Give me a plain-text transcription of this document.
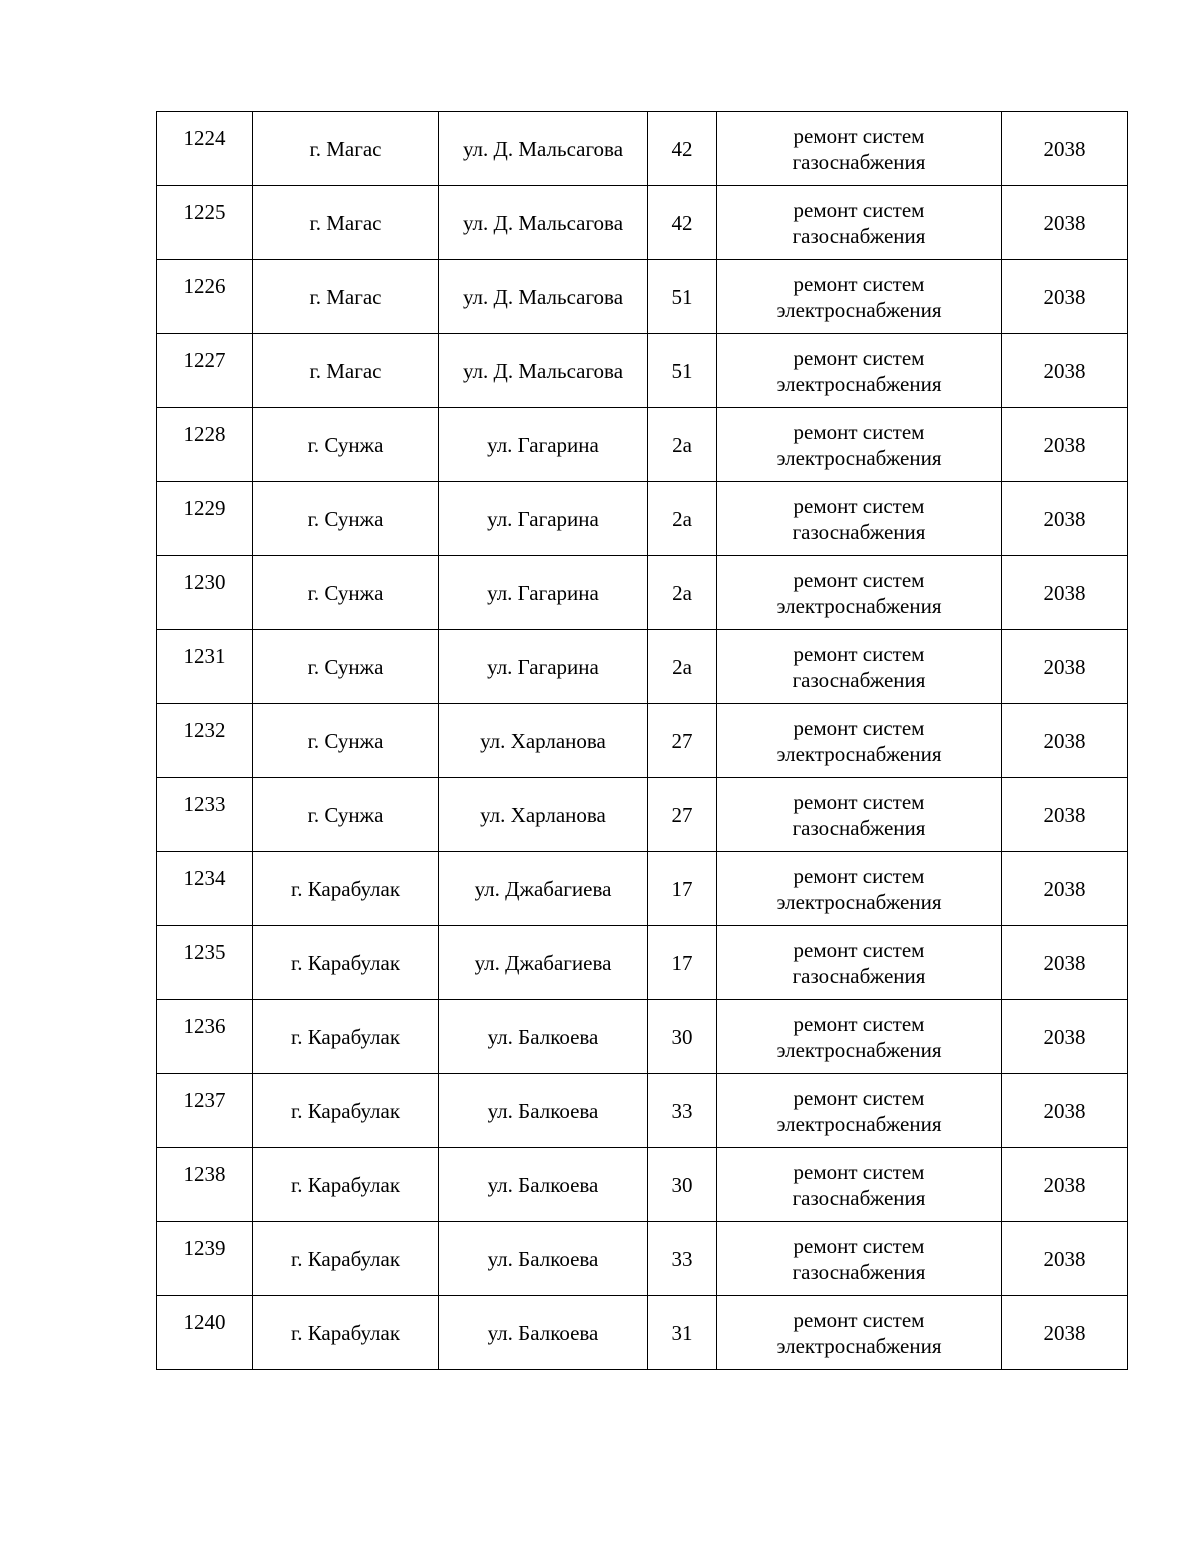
1224	г. Магас	ул. Д. Мальсагова	42	ремонт систем
газоснабжения	2038
1225	г. Магас	ул. Д. Мальсагова	42	ремонт систем
газоснабжения	2038
1226	г. Магас	ул. Д. Мальсагова	51	ремонт систем
электроснабжения	2038
1227	г. Магас	ул. Д. Мальсагова	51	ремонт систем
электроснабжения	2038
1228	г. Сунжа	ул. Гагарина	2а	ремонт систем
электроснабжения	2038
1229	г. Сунжа	ул. Гагарина	2а	ремонт систем
газоснабжения	2038
1230	г. Сунжа	ул. Гагарина	2а	ремонт систем
электроснабжения	2038
1231	г. Сунжа	ул. Гагарина	2а	ремонт систем
газоснабжения	2038
1232	г. Сунжа	ул. Харланова	27	ремонт систем
электроснабжения	2038
1233	г. Сунжа	ул. Харланова	27	ремонт систем
газоснабжения	2038
1234	г. Карабулак	ул. Джабагиева	17	ремонт систем
электроснабжения	2038
1235	г. Карабулак	ул. Джабагиева	17	ремонт систем
газоснабжения	2038
1236	г. Карабулак	ул. Балкоева	30	ремонт систем
электроснабжения	2038
1237	г. Карабулак	ул. Балкоева	33	ремонт систем
электроснабжения	2038
1238	г. Карабулак	ул. Балкоева	30	ремонт систем
газоснабжения	2038
1239	г. Карабулак	ул. Балкоева	33	ремонт систем
газоснабжения	2038
1240	г. Карабулак	ул. Балкоева	31	ремонт систем
электроснабжения	2038
